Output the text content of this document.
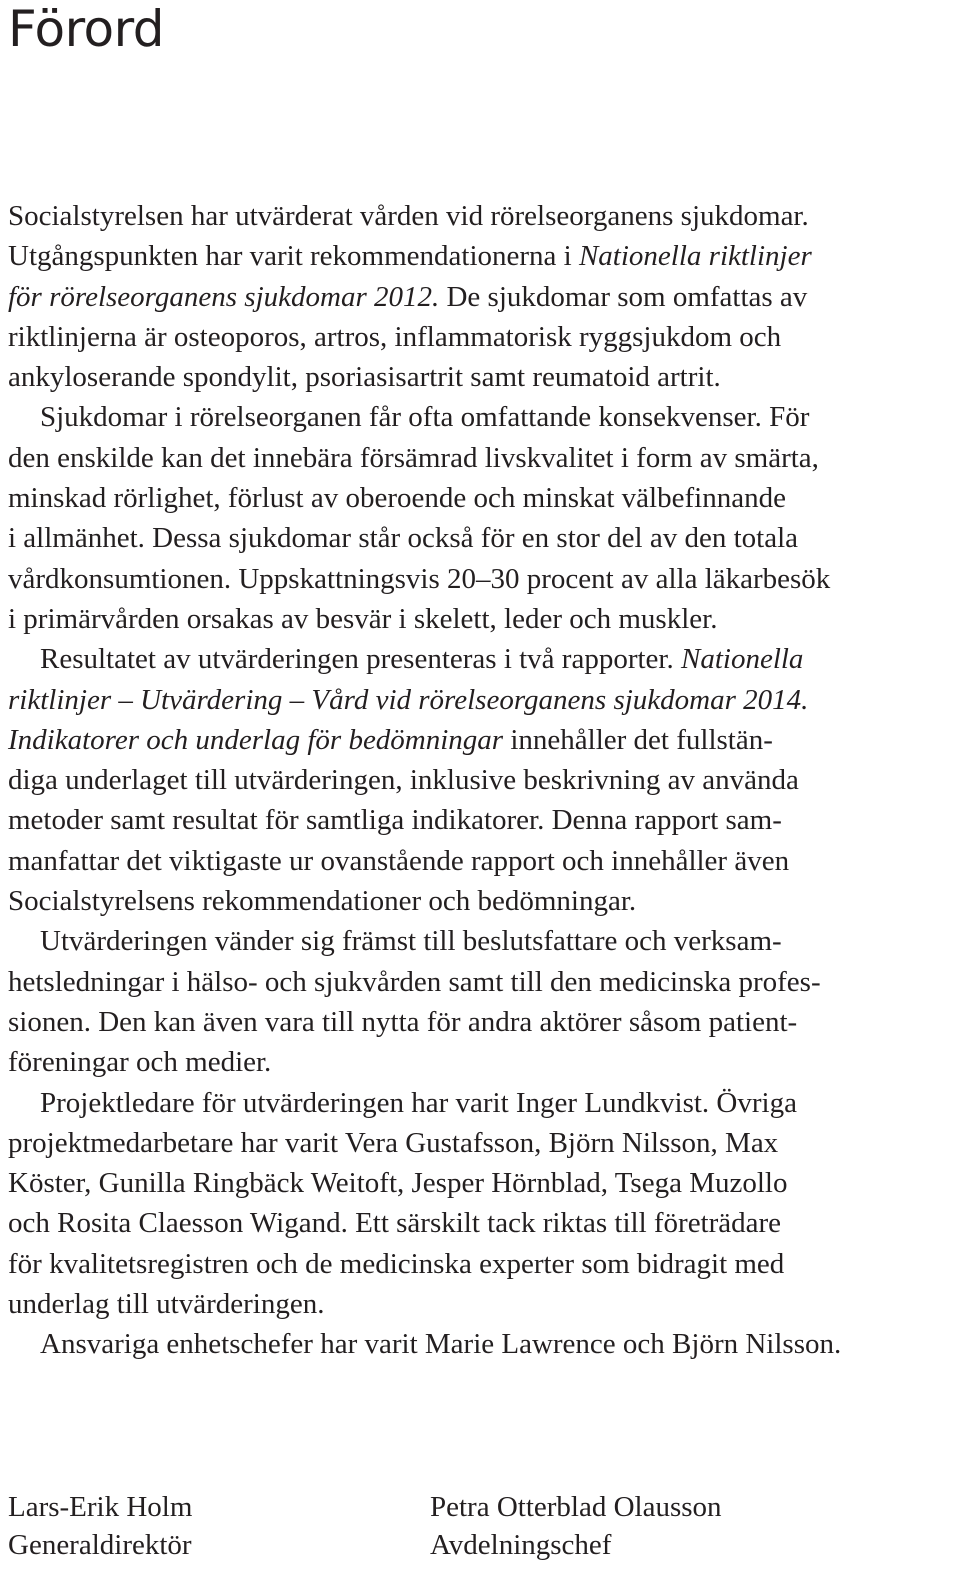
Förord
Socialstyrelsen har utvärderat vården vid rörelseorganens sjukdomar.
Utgångspunkten har varit rekommendationerna i Nationella riktlinjer
för rörelseorganens sjukdomar 2012. De sjukdomar som omfattas av
riktlinjerna är osteoporos, artros, inflammatorisk ryggsjukdom och
ankyloserande spondylit, psoriasisartrit samt reumatoid artrit.
Sjukdomar i rörelseorganen får ofta omfattande konsekvenser. För
den enskilde kan det innebära försämrad livskvalitet i form av smärta,
minskad rörlighet, förlust av oberoende och minskat välbefinnande
i allmänhet. Dessa sjukdomar står också för en stor del av den totala
vårdkonsumtionen. Uppskattningsvis 20–30 procent av alla läkarbesök
i primärvården orsakas av besvär i skelett, leder och muskler.
Resultatet av utvärderingen presenteras i två rapporter. Nationella
riktlinjer – Utvärdering – Vård vid rörelseorganens sjukdomar 2014.
Indikatorer och underlag för bedömningar innehåller det fullstän-
diga underlaget till utvärderingen, inklusive beskrivning av använda
metoder samt resultat för samtliga indikatorer. Denna rapport sam-
manfattar det viktigaste ur ovanstående rapport och innehåller även
Socialstyrelsens rekommendationer och bedömningar.
Utvärderingen vänder sig främst till beslutsfattare och verksam-
hetsledningar i hälso- och sjukvården samt till den medicinska profes-
sionen. Den kan även vara till nytta för andra aktörer såsom patient-
föreningar och medier.
Projektledare för utvärderingen har varit Inger Lundkvist. Övriga
projektmedarbetare har varit Vera Gustafsson, Björn Nilsson, Max
Köster, Gunilla Ringbäck Weitoft, Jesper Hörnblad, Tsega Muzollo
och Rosita Claesson Wigand. Ett särskilt tack riktas till företrädare
för kvalitetsregistren och de medicinska experter som bidragit med
underlag till utvärderingen.
Ansvariga enhetschefer har varit Marie Lawrence och Björn Nilsson.
Lars-Erik Holm
Generaldirektör
Petra Otterblad Olausson
Avdelningschef
